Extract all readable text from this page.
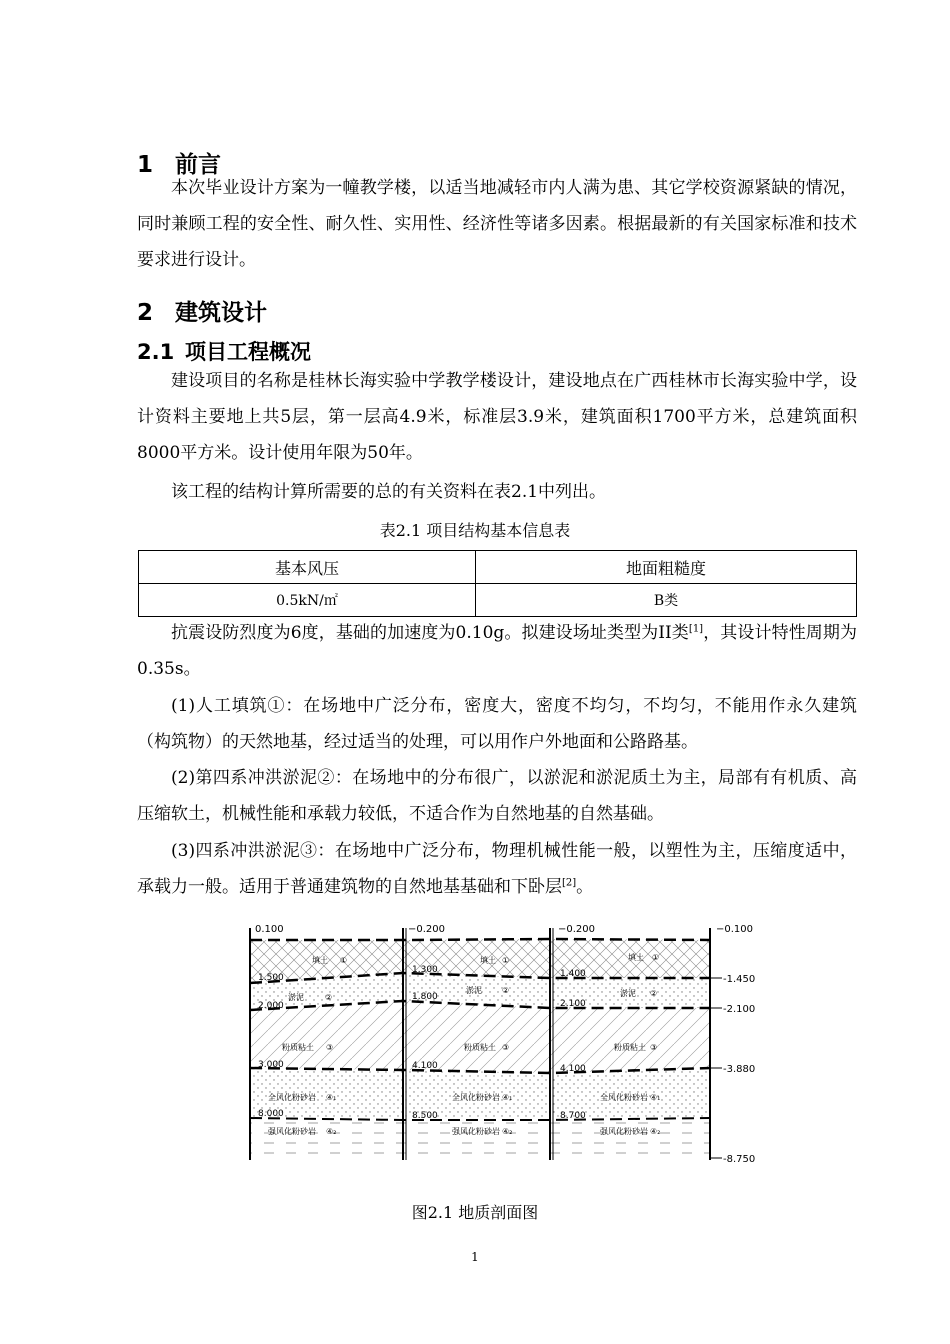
1 前言

本次毕业设计方案为一幢教学楼，以适当地减轻市内人满为患、其它学校资源紧缺的情况，同时兼顾工程的安全性、耐久性、实用性、经济性等诸多因素。根据最新的有关国家标准和技术要求进行设计。

2 建筑设计
2.1 项目工程概况

建设项目的名称是桂林长海实验中学教学楼设计，建设地点在广西桂林市长海实验中学，设计资料主要地上共5层，第一层高4.9米，标准层3.9米，建筑面积1700平方米，总建筑面积8000平方米。设计使用年限为50年。

该工程的结构计算所需要的总的有关资料在表2.1中列出。

表2.1 项目结构基本信息表
基本风压	地面粗糙度
0.5kN/㎡	B类

抗震设防烈度为6度，基础的加速度为0.10g。拟建设场址类型为II类[1]，其设计特性周期为0.35s。

(1)人工填筑①：在场地中广泛分布，密度大，密度不均匀，不均匀，不能用作永久建筑（构筑物）的天然地基，经过适当的处理，可以用作户外地面和公路路基。

(2)第四系冲洪淤泥②：在场地中的分布很广，以淤泥和淤泥质土为主，局部有有机质、高压缩软土，机械性能和承载力较低，不适合作为自然地基的自然基础。

(3)四系冲洪淤泥③：在场地中广泛分布，物理机械性能一般，以塑性为主，压缩度适中，承载力一般。适用于普通建筑物的自然地基基础和下卧层[2]。

0.100	−0.200	−0.200	−0.100
-1.450
-2.100
-3.880
-8.750
1.500
2.000
3.000
8.000
1.300
1.800
4.100
8.500
1.400
2.100
4.100
8.700
填土 ①
淤泥	②
粉质粘土 ③
全风化粉砂岩 ④₁
强风化粉砂岩 ④₂
填土 ①
淤泥	②
粉质粘土 ③
全风化粉砂岩 ④₁
强风化粉砂岩 ④₂
填土 ①
淤泥 ②
粉质粘土 ③
全风化粉砂岩 ④₁
强风化粉砂岩 ④₂
图2.1 地质剖面图
1
